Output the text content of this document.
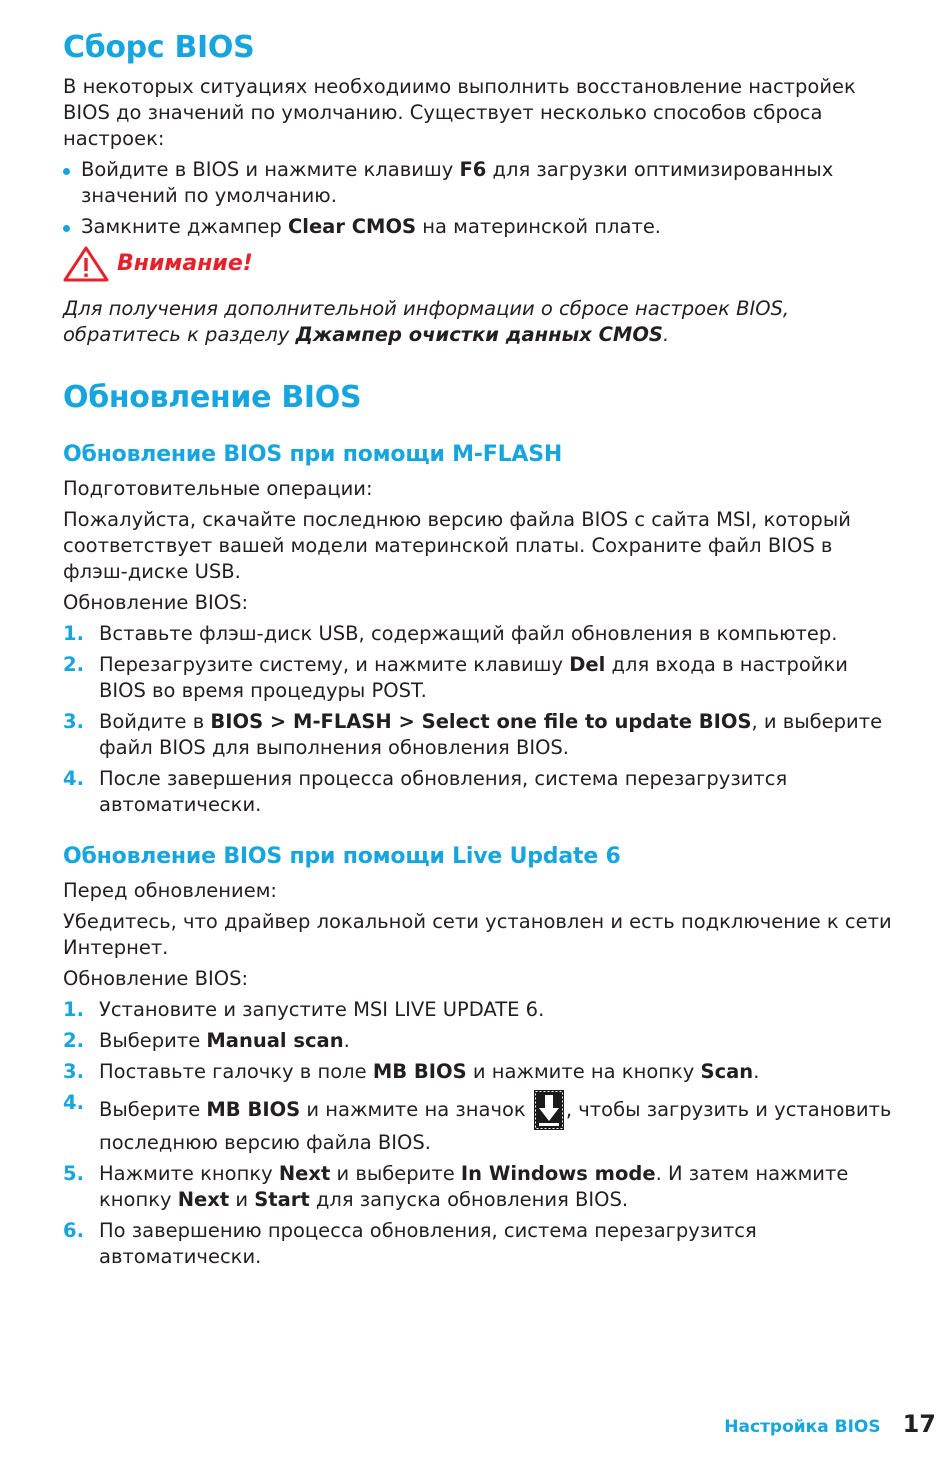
Сборс BIOS

В некоторых ситуациях необходиимо выполнить восстановление настройек BIOS до значений по умолчанию. Существует несколько способов сброса настроек:

Войдите в BIOS и нажмите клавишу F6 для загрузки оптимизированных значений по умолчанию.
Замкните джампер Clear CMOS на материнской плате.
Внимание!

Для получения дополнительной информации о сбросе настроек BIOS, обратитесь к разделу Джампер очистки данных CMOS.

Обновление BIOS
Обновление BIOS при помощи M-FLASH

Подготовительные операции:

Пожалуйста, скачайте последнюю версию файла BIOS с сайта MSI, который соответствует вашей модели материнской платы. Сохраните файл BIOS в флэш-диске USB.

Обновление BIOS:

1. Вставьте флэш-диск USB, содержащий файл обновления в компьютер.
2. Перезагрузите систему, и нажмите клавишу Del для входа в настройки BIOS во время процедуры POST.
3. Войдите в BIOS > M-FLASH > Select one file to update BIOS, и выберите файл BIOS для выполнения обновления BIOS.
4. После завершения процесса обновления, система перезагрузится автоматически.
Обновление BIOS при помощи Live Update 6

Перед обновлением:

Убедитесь, что драйвер локальной сети установлен и есть подключение к сети Интернет.

Обновление BIOS:

1. Установите и запустите MSI LIVE UPDATE 6.
2. Выберите Manual scan.
3. Поставьте галочку в поле MB BIOS и нажмите на кнопку Scan.
4. Выберите MB BIOS и нажмите на значок , чтобы загрузить и установить последнюю версию файла BIOS.
5. Нажмите кнопку Next и выберите In Windows mode. И затем нажмите кнопку Next и Start для запуска обновления BIOS.
6. По завершению процесса обновления, система перезагрузится автоматически.
Настройка BIOS 17
